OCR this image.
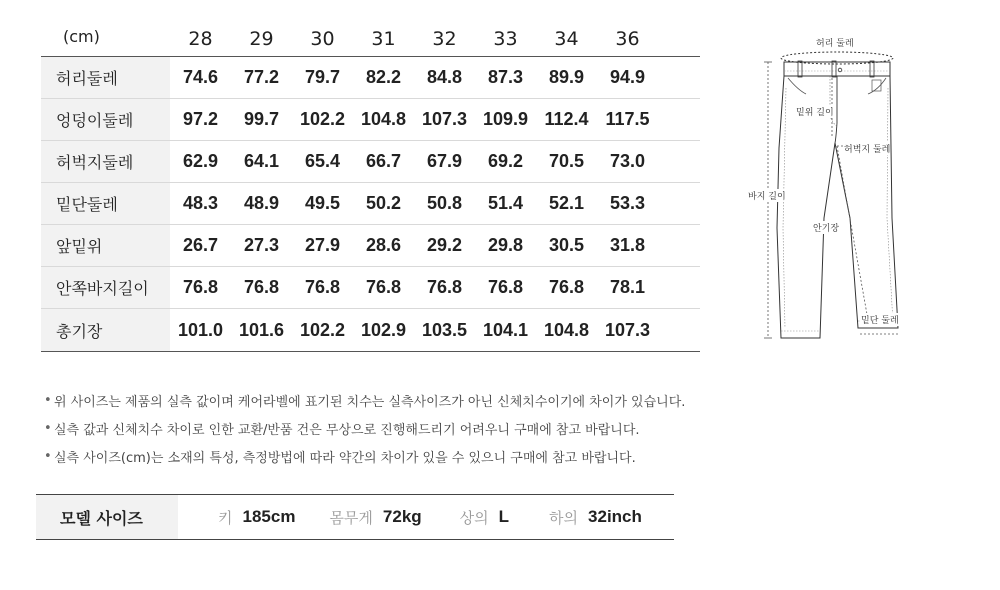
(cm)	28	29	30	31	32	33	34	36
허리둘레	74.6	77.2	79.7	82.2	84.8	87.3	89.9	94.9
엉덩이둘레	97.2	99.7	102.2 104.8 107.3 109.9 112.4 117.5
허벅지둘레	62.9	64.1	65.4	66.7	67.9	69.2	70.5	73.0
밑단둘레	48.3	48.9	49.5	50.2	50.8	51.4	52.1	53.3
앞밑위	26.7	27.3	27.9	28.6	29.2	29.8	30.5	31.8
안쪽바지길이	76.8	76.8	76.8	76.8	76.8	76.8	76.8	78.1
총기장	101.0 101.6 102.2 102.9 103.5 104.1 104.8 107.3
허리 둘레
밑위 길이
허벅지 둘레
바지 길이
안기장
밑단 둘레
• 위 사이즈는 제품의 실측 값이며 케어라벨에 표기된 치수는 실측사이즈가 아닌 신체치수이기에 차이가 있습니다.
• 실측 값과 신체치수 차이로 인한 교환/반품 건은 무상으로 진행해드리기 어려우니 구매에 참고 바랍니다.
• 실측 사이즈(cm)는 소재의 특성, 측정방법에 따라 약간의 차이가 있을 수 있으니 구매에 참고 바랍니다.
모델 사이즈	키 185cm 몸무게 72kg	상의 L	하의 32inch
